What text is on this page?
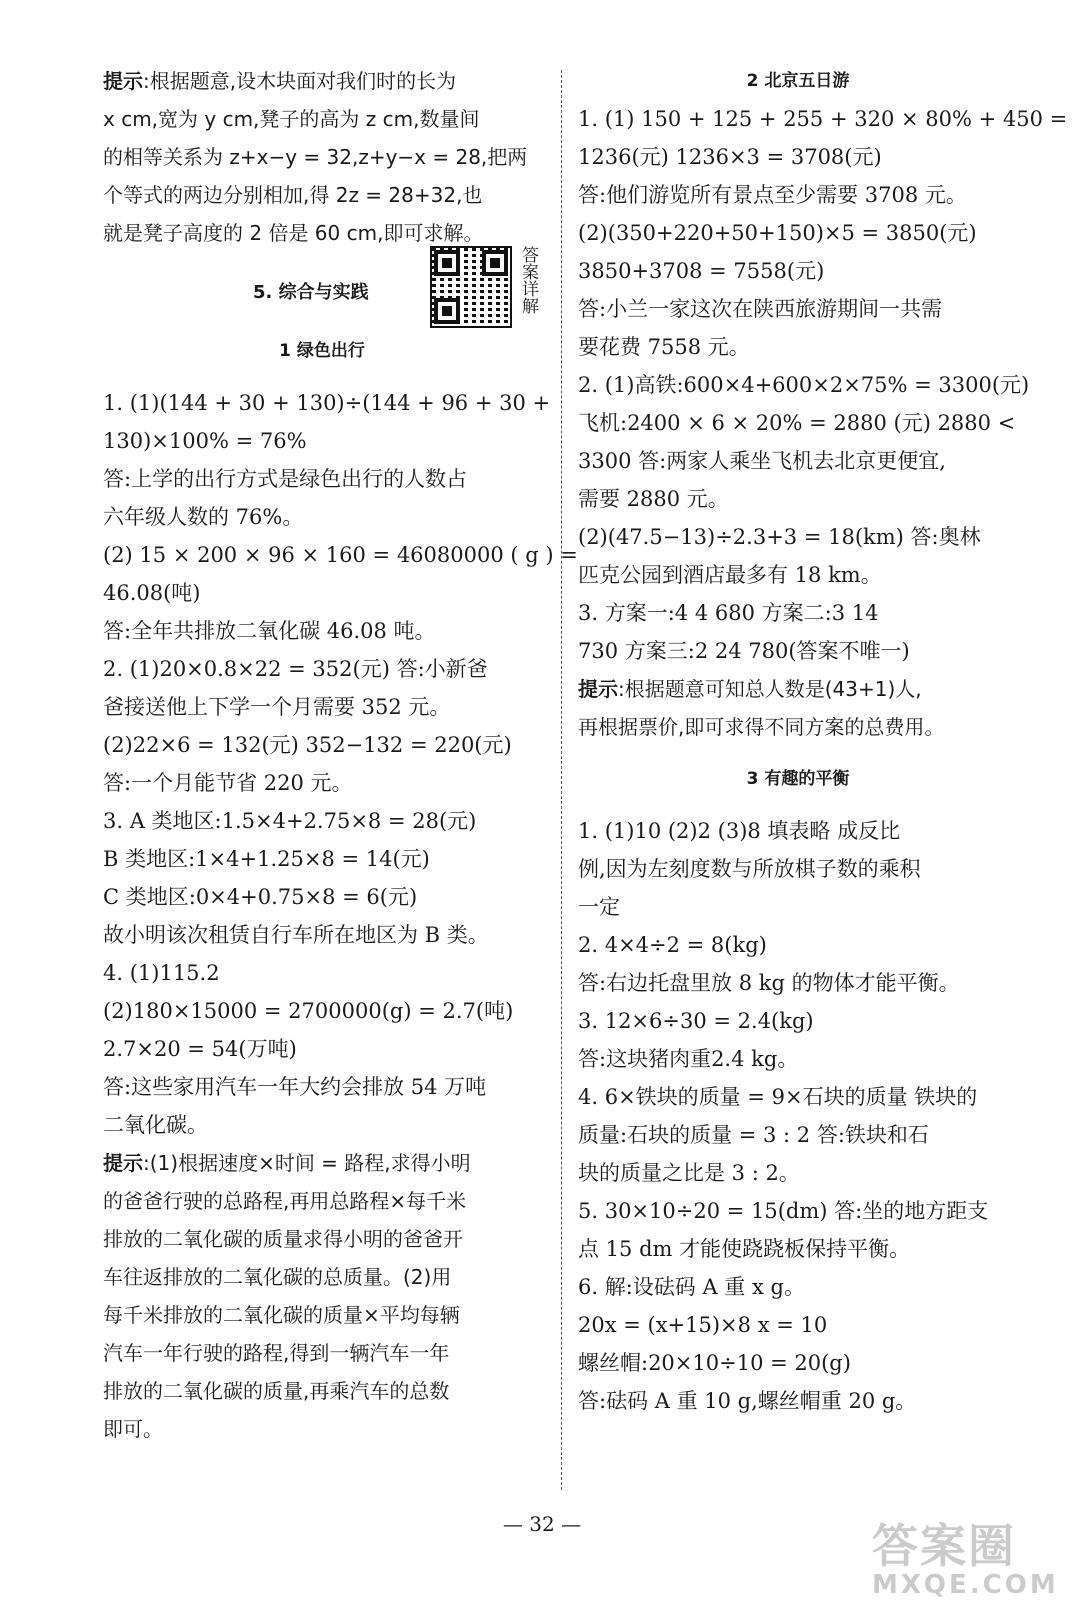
提示:根据题意,设木块面对我们时的长为
x cm,宽为 y cm,凳子的高为 z cm,数量间
的相等关系为 z+x−y = 32,z+y−x = 28,把两
个等式的两边分别相加,得 2z = 28+32,也
就是凳子高度的 2 倍是 60 cm,即可求解。
5. 综合与实践	答案详解
1 绿色出行
1. (1)(144 + 30 + 130)÷(144 + 96 + 30 +
130)×100% = 76%
答:上学的出行方式是绿色出行的人数占
六年级人数的 76%。
(2) 15 × 200 × 96 × 160 = 46080000 ( g ) =
46.08(吨)
答:全年共排放二氧化碳 46.08 吨。
2. (1)20×0.8×22 = 352(元) 答:小新爸
爸接送他上下学一个月需要 352 元。
(2)22×6 = 132(元) 352−132 = 220(元)
答:一个月能节省 220 元。
3. A 类地区:1.5×4+2.75×8 = 28(元)
B 类地区:1×4+1.25×8 = 14(元)
C 类地区:0×4+0.75×8 = 6(元)
故小明该次租赁自行车所在地区为 B 类。
4. (1)115.2
(2)180×15000 = 2700000(g) = 2.7(吨)
2.7×20 = 54(万吨)
答:这些家用汽车一年大约会排放 54 万吨
二氧化碳。
提示:(1)根据速度×时间 = 路程,求得小明
的爸爸行驶的总路程,再用总路程×每千米
排放的二氧化碳的质量求得小明的爸爸开
车往返排放的二氧化碳的总质量。(2)用
每千米排放的二氧化碳的质量×平均每辆
汽车一年行驶的路程,得到一辆汽车一年
排放的二氧化碳的质量,再乘汽车的总数
即可。
2 北京五日游
1. (1) 150 + 125 + 255 + 320 × 80% + 450 =
1236(元) 1236×3 = 3708(元)
答:他们游览所有景点至少需要 3708 元。
(2)(350+220+50+150)×5 = 3850(元)
3850+3708 = 7558(元)
答:小兰一家这次在陕西旅游期间一共需
要花费 7558 元。
2. (1)高铁:600×4+600×2×75% = 3300(元)
飞机:2400 × 6 × 20% = 2880 (元) 2880 <
3300 答:两家人乘坐飞机去北京更便宜,
需要 2880 元。
(2)(47.5−13)÷2.3+3 = 18(km) 答:奥林
匹克公园到酒店最多有 18 km。
3. 方案一:4 4 680 方案二:3 14
730 方案三:2 24 780(答案不唯一)
提示:根据题意可知总人数是(43+1)人,
再根据票价,即可求得不同方案的总费用。
3 有趣的平衡
1. (1)10 (2)2 (3)8 填表略 成反比
例,因为左刻度数与所放棋子数的乘积
一定
2. 4×4÷2 = 8(kg)
答:右边托盘里放 8 kg 的物体才能平衡。
3. 12×6÷30 = 2.4(kg)
答:这块猪肉重2.4 kg。
4. 6×铁块的质量 = 9×石块的质量 铁块的
质量:石块的质量 = 3 : 2 答:铁块和石
块的质量之比是 3 : 2。
5. 30×10÷20 = 15(dm) 答:坐的地方距支
点 15 dm 才能使跷跷板保持平衡。
6. 解:设砝码 A 重 x g。
20x = (x+15)×8 x = 10
螺丝帽:20×10÷10 = 20(g)
答:砝码 A 重 10 g,螺丝帽重 20 g。
— 32 —	答案圈
MXQE.COM
